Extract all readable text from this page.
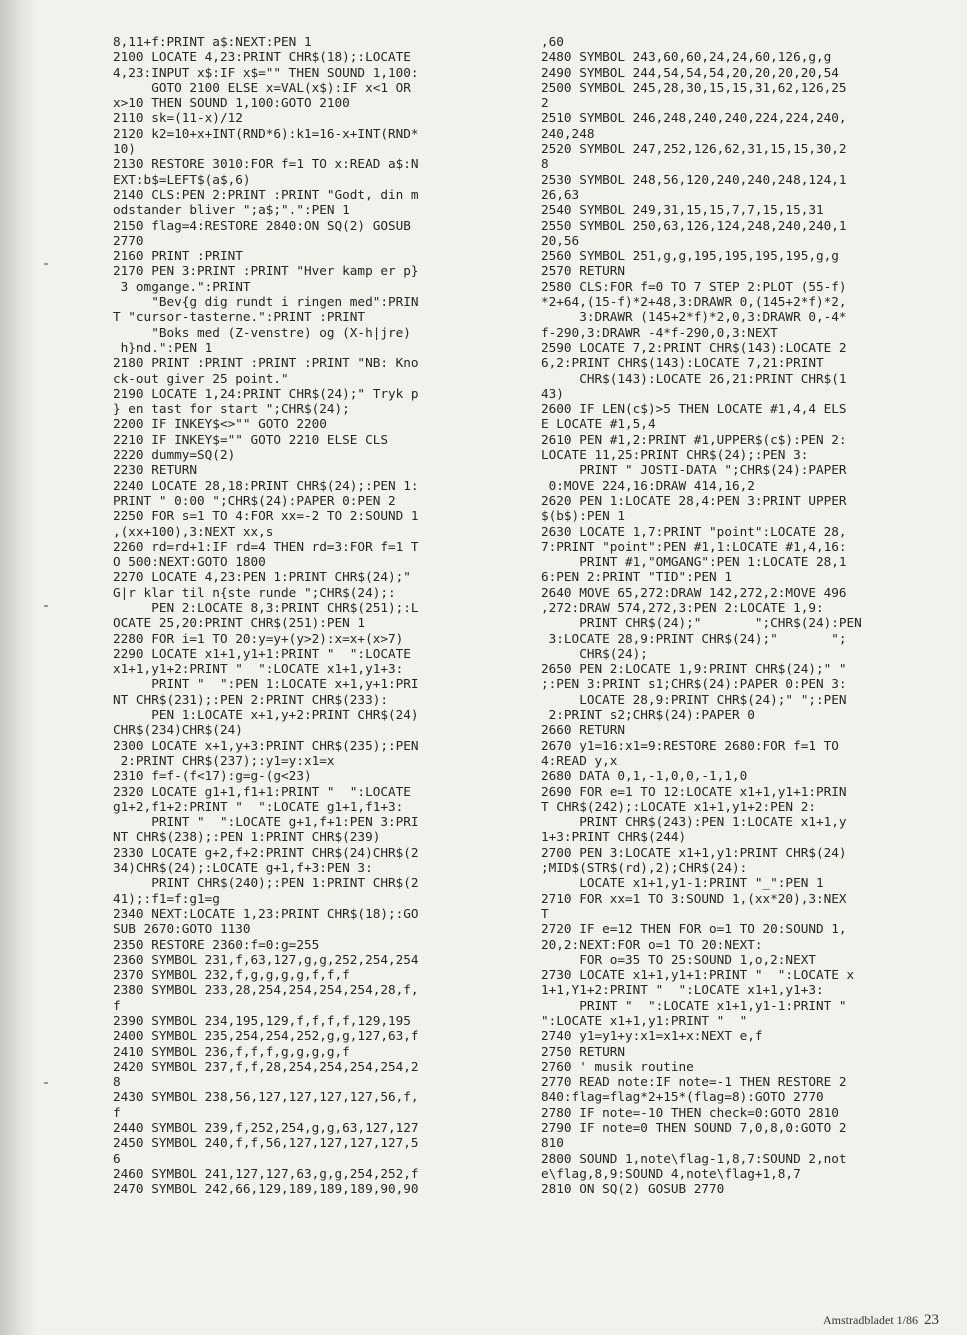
8,11+f:PRINT a$:NEXT:PEN 1
2100 LOCATE 4,23:PRINT CHR$(18);:LOCATE
4,23:INPUT x$:IF x$="" THEN SOUND 1,100:
GOTO 2100 ELSE x=VAL(x$):IF x<1 OR
x>10 THEN SOUND 1,100:GOTO 2100
2110 sk=(11-x)/12
2120 k2=10+x+INT(RND*6):k1=16-x+INT(RND*
10)
2130 RESTORE 3010:FOR f=1 TO x:READ a$:N
EXT:b$=LEFT$(a$,6)
2140 CLS:PEN 2:PRINT :PRINT "Godt, din m
odstander bliver ";a$;".":PEN 1
2150 flag=4:RESTORE 2840:ON SQ(2) GOSUB
2770
2160 PRINT :PRINT
2170 PEN 3:PRINT :PRINT "Hver kamp er p}
3 omgange.":PRINT
"Bev{g dig rundt i ringen med":PRIN
T "cursor-tasterne.":PRINT :PRINT
"Boks med (Z-venstre) og (X-h|jre)
h}nd.":PEN 1
2180 PRINT :PRINT :PRINT :PRINT "NB: Kno
ck-out giver 25 point."
2190 LOCATE 1,24:PRINT CHR$(24);" Tryk p
} en tast for start ";CHR$(24);
2200 IF INKEY$<>"" GOTO 2200
2210 IF INKEY$="" GOTO 2210 ELSE CLS
2220 dummy=SQ(2)
2230 RETURN
2240 LOCATE 28,18:PRINT CHR$(24);:PEN 1:
PRINT " 0:00 ";CHR$(24):PAPER 0:PEN 2
2250 FOR s=1 TO 4:FOR xx=-2 TO 2:SOUND 1
,(xx+100),3:NEXT xx,s
2260 rd=rd+1:IF rd=4 THEN rd=3:FOR f=1 T
O 500:NEXT:GOTO 1800
2270 LOCATE 4,23:PEN 1:PRINT CHR$(24);"
G|r klar til n{ste runde ";CHR$(24);:
PEN 2:LOCATE 8,3:PRINT CHR$(251);:L
OCATE 25,20:PRINT CHR$(251):PEN 1
2280 FOR i=1 TO 20:y=y+(y>2):x=x+(x>7)
2290 LOCATE x1+1,y1+1:PRINT "  ":LOCATE
x1+1,y1+2:PRINT "  ":LOCATE x1+1,y1+3:
PRINT "  ":PEN 1:LOCATE x+1,y+1:PRI
NT CHR$(231);:PEN 2:PRINT CHR$(233):
PEN 1:LOCATE x+1,y+2:PRINT CHR$(24)
CHR$(234)CHR$(24)
2300 LOCATE x+1,y+3:PRINT CHR$(235);:PEN
2:PRINT CHR$(237);:y1=y:x1=x
2310 f=f-(f<17):g=g-(g<23)
2320 LOCATE g1+1,f1+1:PRINT "  ":LOCATE
g1+2,f1+2:PRINT "  ":LOCATE g1+1,f1+3:
PRINT "  ":LOCATE g+1,f+1:PEN 3:PRI
NT CHR$(238);:PEN 1:PRINT CHR$(239)
2330 LOCATE g+2,f+2:PRINT CHR$(24)CHR$(2
34)CHR$(24);:LOCATE g+1,f+3:PEN 3:
PRINT CHR$(240);:PEN 1:PRINT CHR$(2
41);:f1=f:g1=g
2340 NEXT:LOCATE 1,23:PRINT CHR$(18);:GO
SUB 2670:GOTO 1130
2350 RESTORE 2360:f=0:g=255
2360 SYMBOL 231,f,63,127,g,g,252,254,254
2370 SYMBOL 232,f,g,g,g,g,f,f,f
2380 SYMBOL 233,28,254,254,254,254,28,f,
f
2390 SYMBOL 234,195,129,f,f,f,f,129,195
2400 SYMBOL 235,254,254,252,g,g,127,63,f
2410 SYMBOL 236,f,f,f,g,g,g,g,f
2420 SYMBOL 237,f,f,28,254,254,254,254,2
8
2430 SYMBOL 238,56,127,127,127,127,56,f,
f
2440 SYMBOL 239,f,252,254,g,g,63,127,127
2450 SYMBOL 240,f,f,56,127,127,127,127,5
6
2460 SYMBOL 241,127,127,63,g,g,254,252,f
2470 SYMBOL 242,66,129,189,189,189,90,90
,60
2480 SYMBOL 243,60,60,24,24,60,126,g,g
2490 SYMBOL 244,54,54,54,20,20,20,20,54
2500 SYMBOL 245,28,30,15,15,31,62,126,25
2
2510 SYMBOL 246,248,240,240,224,224,240,
240,248
2520 SYMBOL 247,252,126,62,31,15,15,30,2
8
2530 SYMBOL 248,56,120,240,240,248,124,1
26,63
2540 SYMBOL 249,31,15,15,7,7,15,15,31
2550 SYMBOL 250,63,126,124,248,240,240,1
20,56
2560 SYMBOL 251,g,g,195,195,195,195,g,g
2570 RETURN
2580 CLS:FOR f=0 TO 7 STEP 2:PLOT (55-f)
*2+64,(15-f)*2+48,3:DRAWR 0,(145+2*f)*2,
3:DRAWR (145+2*f)*2,0,3:DRAWR 0,-4*
f-290,3:DRAWR -4*f-290,0,3:NEXT
2590 LOCATE 7,2:PRINT CHR$(143):LOCATE 2
6,2:PRINT CHR$(143):LOCATE 7,21:PRINT
CHR$(143):LOCATE 26,21:PRINT CHR$(1
43)
2600 IF LEN(c$)>5 THEN LOCATE #1,4,4 ELS
E LOCATE #1,5,4
2610 PEN #1,2:PRINT #1,UPPER$(c$):PEN 2:
LOCATE 11,25:PRINT CHR$(24);:PEN 3:
PRINT " JOSTI-DATA ";CHR$(24):PAPER
0:MOVE 224,16:DRAW 414,16,2
2620 PEN 1:LOCATE 28,4:PEN 3:PRINT UPPER
$(b$):PEN 1
2630 LOCATE 1,7:PRINT "point":LOCATE 28,
7:PRINT "point":PEN #1,1:LOCATE #1,4,16:
PRINT #1,"OMGANG":PEN 1:LOCATE 28,1
6:PEN 2:PRINT "TID":PEN 1
2640 MOVE 65,272:DRAW 142,272,2:MOVE 496
,272:DRAW 574,272,3:PEN 2:LOCATE 1,9:
PRINT CHR$(24);"       ";CHR$(24):PEN
3:LOCATE 28,9:PRINT CHR$(24);"       ";
CHR$(24);
2650 PEN 2:LOCATE 1,9:PRINT CHR$(24);" "
;:PEN 3:PRINT s1;CHR$(24):PAPER 0:PEN 3:
LOCATE 28,9:PRINT CHR$(24);" ";:PEN
2:PRINT s2;CHR$(24):PAPER 0
2660 RETURN
2670 y1=16:x1=9:RESTORE 2680:FOR f=1 TO
4:READ y,x
2680 DATA 0,1,-1,0,0,-1,1,0
2690 FOR e=1 TO 12:LOCATE x1+1,y1+1:PRIN
T CHR$(242);:LOCATE x1+1,y1+2:PEN 2:
PRINT CHR$(243):PEN 1:LOCATE x1+1,y
1+3:PRINT CHR$(244)
2700 PEN 3:LOCATE x1+1,y1:PRINT CHR$(24)
;MID$(STR$(rd),2);CHR$(24):
LOCATE x1+1,y1-1:PRINT "_":PEN 1
2710 FOR xx=1 TO 3:SOUND 1,(xx*20),3:NEX
T
2720 IF e=12 THEN FOR o=1 TO 20:SOUND 1,
20,2:NEXT:FOR o=1 TO 20:NEXT:
FOR o=35 TO 25:SOUND 1,o,2:NEXT
2730 LOCATE x1+1,y1+1:PRINT "  ":LOCATE x
1+1,Y1+2:PRINT "  ":LOCATE x1+1,y1+3:
PRINT "  ":LOCATE x1+1,y1-1:PRINT "
":LOCATE x1+1,y1:PRINT "  "
2740 y1=y1+y:x1=x1+x:NEXT e,f
2750 RETURN
2760 ' musik routine
2770 READ note:IF note=-1 THEN RESTORE 2
840:flag=flag*2+15*(flag=8):GOTO 2770
2780 IF note=-10 THEN check=0:GOTO 2810
2790 IF note=0 THEN SOUND 7,0,8,0:GOTO 2
810
2800 SOUND 1,note\flag-1,8,7:SOUND 2,not
e\flag,8,9:SOUND 4,note\flag+1,8,7
2810 ON SQ(2) GOSUB 2770
Amstradbladet 1/86 23
